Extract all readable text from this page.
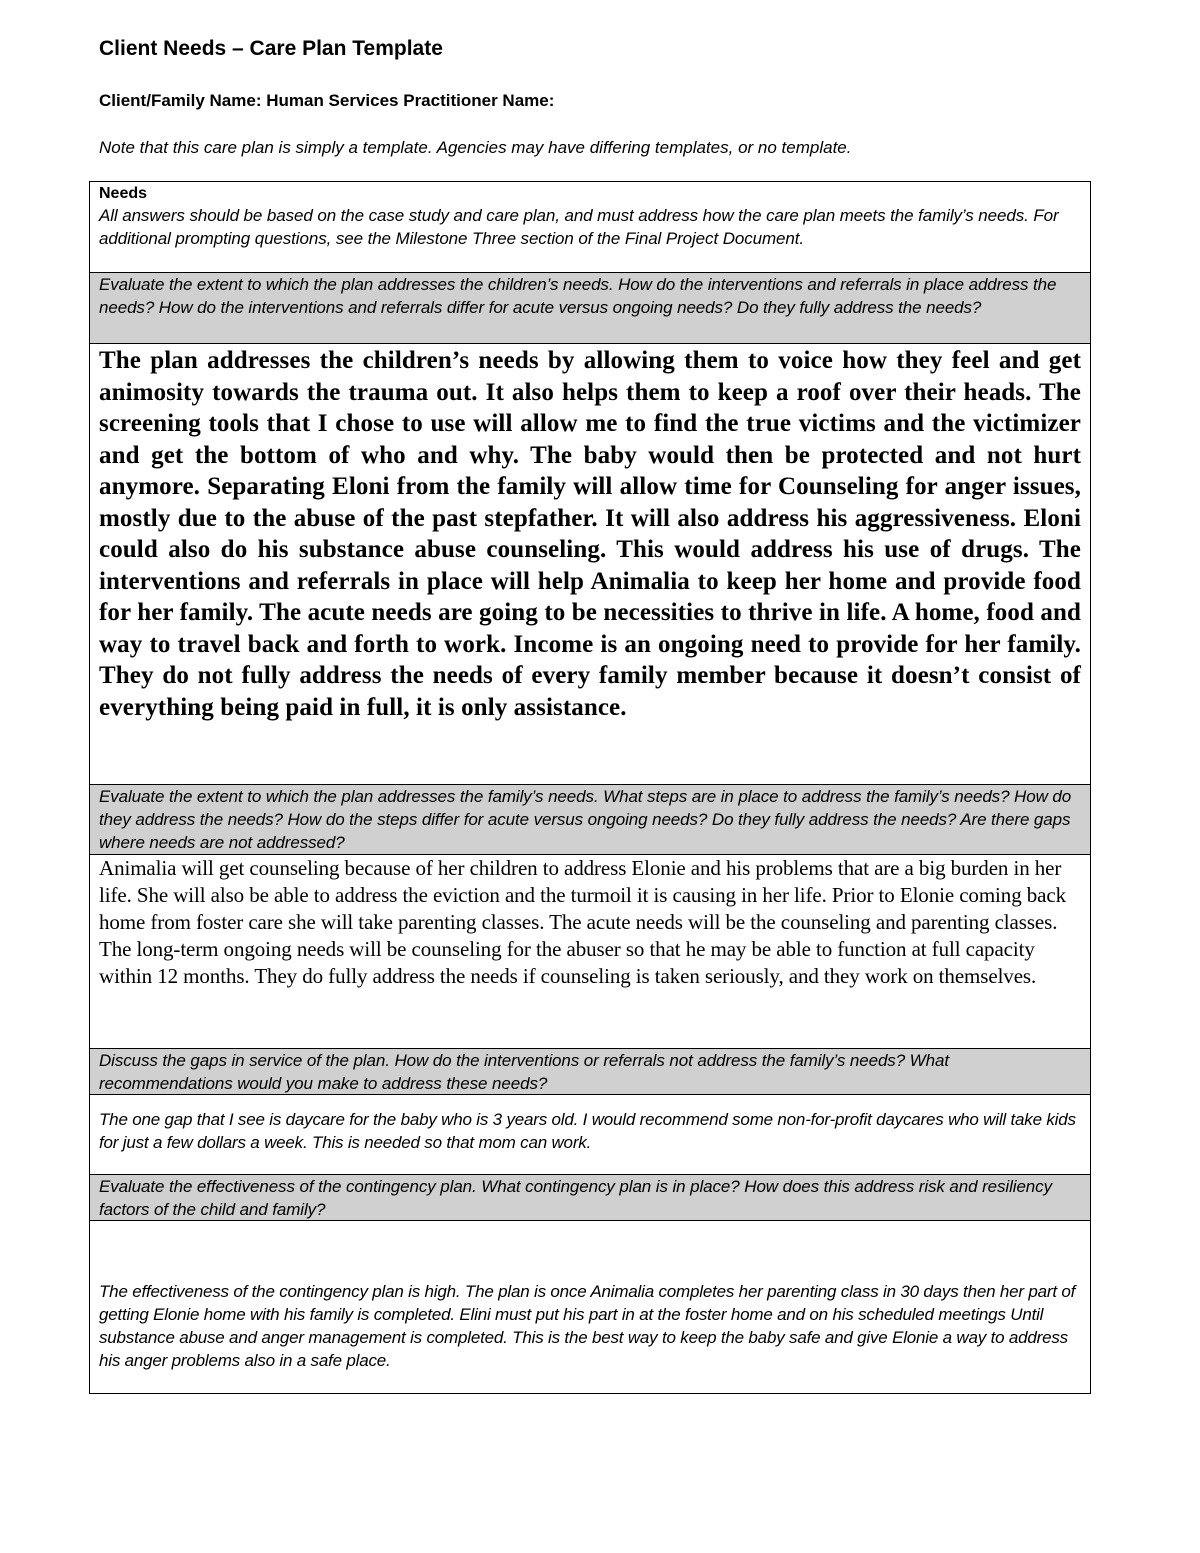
Client Needs – Care Plan Template
Client/Family Name: Human Services Practitioner Name:
Note that this care plan is simply a template. Agencies may have differing templates, or no template.
Needs
All answers should be based on the case study and care plan, and must address how the care plan meets the family’s needs. For additional prompting questions, see the Milestone Three section of the Final Project Document.
Evaluate the extent to which the plan addresses the children’s needs. How do the interventions and referrals in place address the needs? How do the interventions and referrals differ for acute versus ongoing needs? Do they fully address the needs?
The plan addresses the children’s needs by allowing them to voice how they feel and get animosity towards the trauma out. It also helps them to keep a roof over their heads. The screening tools that I chose to use will allow me to find the true victims and the victimizer and get the bottom of who and why. The baby would then be protected and not hurt anymore. Separating Eloni from the family will allow time for Counseling for anger issues, mostly due to the abuse of the past stepfather. It will also address his aggressiveness. Eloni could also do his substance abuse counseling. This would address his use of drugs. The interventions and referrals in place will help Animalia to keep her home and provide food for her family. The acute needs are going to be necessities to thrive in life. A home, food and way to travel back and forth to work. Income is an ongoing need to provide for her family. They do not fully address the needs of every family member because it doesn’t consist of everything being paid in full, it is only assistance.
Evaluate the extent to which the plan addresses the family’s needs. What steps are in place to address the family’s needs? How do they address the needs? How do the steps differ for acute versus ongoing needs? Do they fully address the needs? Are there gaps where needs are not addressed?
Animalia will get counseling because of her children to address Elonie and his problems that are a big burden in her life. She will also be able to address the eviction and the turmoil it is causing in her life. Prior to Elonie coming back home from foster care she will take parenting classes. The acute needs will be the counseling and parenting classes. The long-term ongoing needs will be counseling for the abuser so that he may be able to function at full capacity within 12 months. They do fully address the needs if counseling is taken seriously, and they work on themselves.
Discuss the gaps in service of the plan. How do the interventions or referrals not address the family’s needs? What recommendations would you make to address these needs?
The one gap that I see is daycare for the baby who is 3 years old. I would recommend some non-for-profit daycares who will take kids for just a few dollars a week. This is needed so that mom can work.
Evaluate the effectiveness of the contingency plan. What contingency plan is in place? How does this address risk and resiliency factors of the child and family?
The effectiveness of the contingency plan is high. The plan is once Animalia completes her parenting class in 30 days then her part of getting Elonie home with his family is completed. Elini must put his part in at the foster home and on his scheduled meetings Until substance abuse and anger management is completed. This is the best way to keep the baby safe and give Elonie a way to address his anger problems also in a safe place.
